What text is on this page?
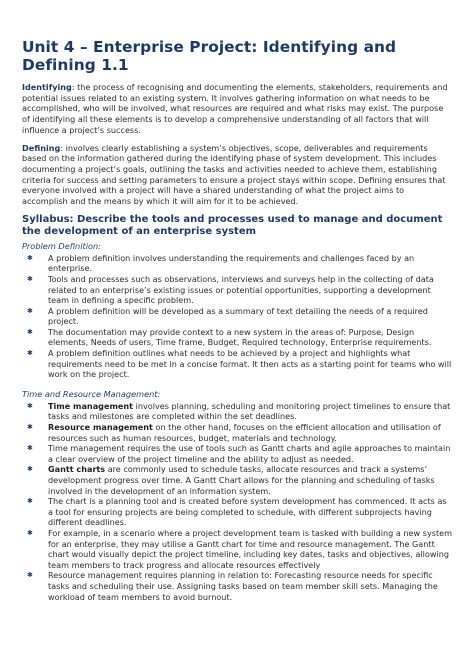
Unit 4 – Enterprise Project: Identifying and Defining 1.1

Identifying: the process of recognising and documenting the elements, stakeholders, requirements and potential issues related to an existing system. It involves gathering information on what needs to be accomplished, who will be involved, what resources are required and what risks may exist. The purpose of identifying all these elements is to develop a comprehensive understanding of all factors that will influence a project’s success.

Defining: involves clearly establishing a system’s objectives, scope, deliverables and requirements based on the information gathered during the identifying phase of system development. This includes documenting a project’s goals, outlining the tasks and activities needed to achieve them, establishing criteria for success and setting parameters to ensure a project stays within scope. Defining ensures that everyone involved with a project will have a shared understanding of what the project aims to accomplish and the means by which it will aim for it to be achieved.

Syllabus: Describe the tools and processes used to manage and document the development of an enterprise system
Problem Definition:
✱ A problem definition involves understanding the requirements and challenges faced by an enterprise.
✱ Tools and processes such as observations, interviews and surveys help in the collecting of data related to an enterprise’s existing issues or potential opportunities, supporting a development team in defining a specific problem.
✱ A problem definition will be developed as a summary of text detailing the needs of a required project.
✱ The documentation may provide context to a new system in the areas of: Purpose, Design elements, Needs of users, Time frame, Budget, Required technology, Enterprise requirements.
✱ A problem definition outlines what needs to be achieved by a project and highlights what requirements need to be met in a concise format. It then acts as a starting point for teams who will work on the project.
Time and Resource Management:
✱ Time management involves planning, scheduling and monitoring project timelines to ensure that tasks and milestones are completed within the set deadlines.
✱ Resource management on the other hand, focuses on the efficient allocation and utilisation of resources such as human resources, budget, materials and technology.
✱ Time management requires the use of tools such as Gantt charts and agile approaches to maintain a clear overview of the project timeline and the ability to adjust as needed.
✱ Gantt charts are commonly used to schedule tasks, allocate resources and track a systems’ development progress over time. A Gantt Chart allows for the planning and scheduling of tasks involved in the development of an information system.
✱ The chart is a planning tool and is created before system development has commenced. It acts as a tool for ensuring projects are being completed to schedule, with different subprojects having different deadlines.
✱ For example, in a scenario where a project development team is tasked with building a new system for an enterprise, they may utilise a Gantt chart for time and resource management. The Gantt chart would visually depict the project timeline, including key dates, tasks and objectives, allowing team members to track progress and allocate resources effectively
✱ Resource management requires planning in relation to: Forecasting resource needs for specific tasks and scheduling their use. Assigning tasks based on team member skill sets. Managing the workload of team members to avoid burnout.
